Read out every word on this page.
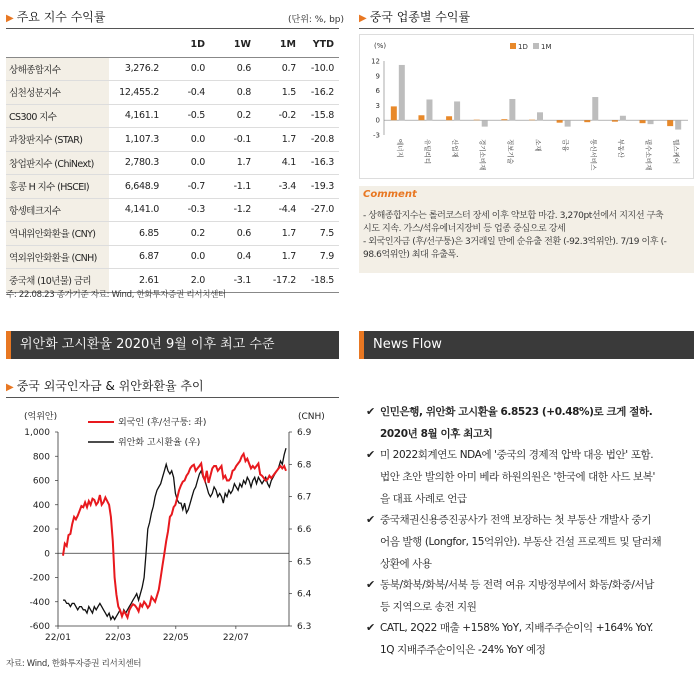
▶ 주요 지수 수익률	(단위: %, bp)
		1D	1W	1M	YTD
상해종합지수	3,276.2	0.0	0.6	0.7	-10.0
심천성분지수	12,455.2	-0.4	0.8	1.5	-16.2
CS300 지수	4,161.1	-0.5	0.2	-0.2	-15.8
과창판지수 (STAR)	1,107.3	0.0	-0.1	1.7	-20.8
창업판지수 (ChiNext)	2,780.3	0.0	1.7	4.1	-16.3
홍콩 H 지수 (HSCEI)	6,648.9	-0.7	-1.1	-3.4	-19.3
항셍테크지수	4,141.0	-0.3	-1.2	-4.4	-27.0
역내위안화환율 (CNY)	6.85	0.2	0.6	1.7	7.5
역외위안화환율 (CNH)	6.87	0.0	0.4	1.7	7.9
중국채 (10년물) 금리	2.61	2.0	-3.1	-17.2	-18.5
주: 22.08.23 종가기준 자료: Wind, 한화투자증권 리서치센터
▶ 중국 업종별 수익률
(%)	1D 1M
-3
0
3
6
9
12
에너지	유틸리티	산업재	경기소비재	정보기술	소재	금융	통신서비스	부동산	필수소비재	헬스케어
Comment
- 상해종합지수는 롤러코스터 장세 이후 약보합 마감. 3,270pt선에서 지지선 구축
시도 지속. 가스/석유에너지장비 등 업종 중심으로 강세
- 외국인자금 (후/선구퉁)은 3거래일 만에 순유출 전환 (-92.3억위안). 7/19 이후 (-
98.6억위안) 최대 유출폭.
위안화 고시환율 2020년 9월 이후 최고 수준	News Flow
▶ 중국 외국인자금 & 위안화환율 추이
(억위안)	(CNH)
외국인 (후/선구퉁: 좌)
위안화 고시환율 (우)
-600
-400
-200
0
200
400
600
800
1,000
6.3
6.4
6.5
6.6
6.7
6.8
6.9
22/01	22/03	22/05	22/07
자료: Wind, 한화투자증권 리서치센터
✔ 인민은행, 위안화 고시환율 6.8523 (+0.48%)로 크게 절하.
2020년 8월 이후 최고치
✔ 미 2022회계연도 NDA에 '중국의 경제적 압박 대응 법안' 포함.
법안 초안 발의한 아미 베라 하원의원은 '한국에 대한 사드 보복'
을 대표 사례로 언급
✔ 중국채권신용증진공사가 전액 보장하는 첫 부동산 개발사 중기
어음 발행 (Longfor, 15억위안). 부동산 건설 프로젝트 및 달러채
상환에 사용
✔ 동북/화북/화북/서북 등 전력 여유 지방정부에서 화동/화중/서남
등 지역으로 송전 지원
✔ CATL, 2Q22 매출 +158% YoY, 지배주주순이익 +164% YoY.
1Q 지배주주순이익은 -24% YoY 예정
